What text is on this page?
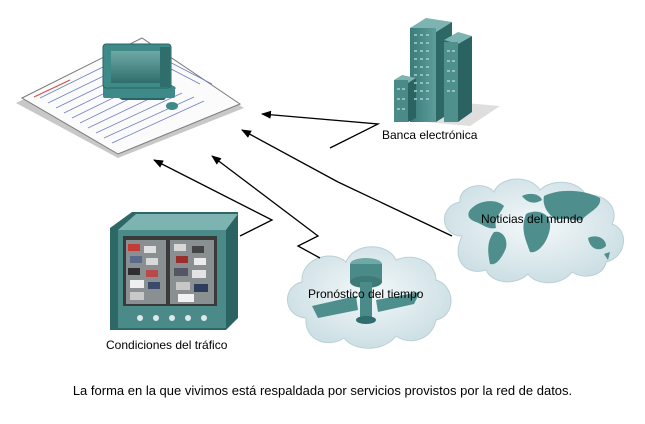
Banca electrónica
Noticias del mundo
Pronóstico del tiempo
Condiciones del tráfico
La forma en la que vivimos está respaldada por servicios provistos por la red de datos.
